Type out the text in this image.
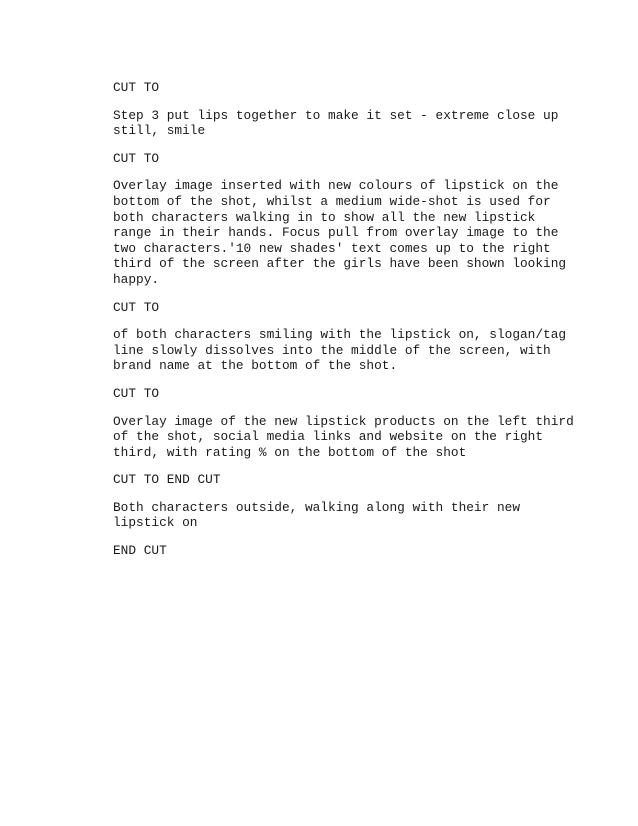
CUT TO

Step 3 put lips together to make it set - extreme close up
still, smile

CUT TO

Overlay image inserted with new colours of lipstick on the
bottom of the shot, whilst a medium wide-shot is used for
both characters walking in to show all the new lipstick
range in their hands. Focus pull from overlay image to the
two characters.'10 new shades' text comes up to the right
third of the screen after the girls have been shown looking
happy.

CUT TO

of both characters smiling with the lipstick on, slogan/tag
line slowly dissolves into the middle of the screen, with
brand name at the bottom of the shot.

CUT TO

Overlay image of the new lipstick products on the left third
of the shot, social media links and website on the right
third, with rating % on the bottom of the shot

CUT TO END CUT

Both characters outside, walking along with their new
lipstick on

END CUT
